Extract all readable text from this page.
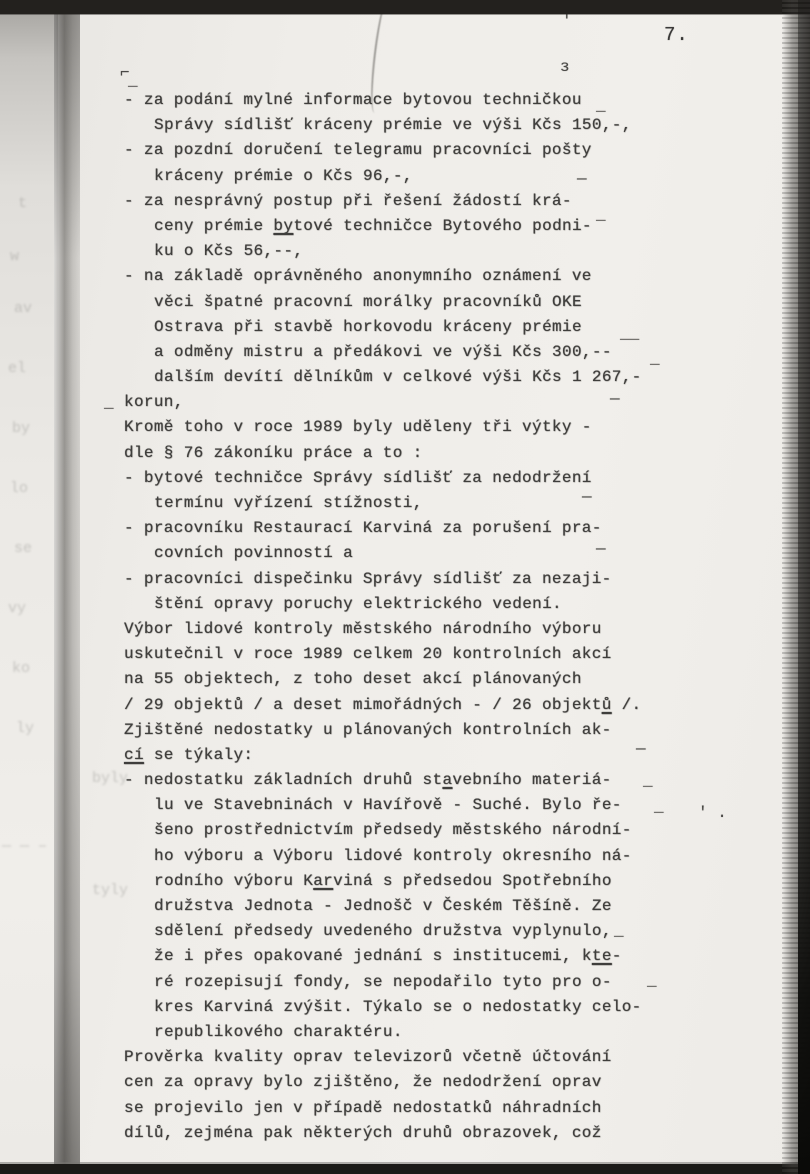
7.
- za podání mylné informace bytovou techničkou
Správy sídlišť kráceny prémie ve výši Kčs 150,-,
- za pozdní doručení telegramu pracovníci pošty
kráceny prémie o Kčs 96,-,
- za nesprávný postup při řešení žádostí krá-
ceny prémie bytové techničce Bytového podni-
ku o Kčs 56,--,
- na základě oprávněného anonymního oznámení ve
věci špatné pracovní morálky pracovníků OKE
Ostrava při stavbě horkovodu kráceny prémie
a odměny mistru a předákovi ve výši Kčs 300,--
dalším devítí dělníkům v celkové výši Kčs 1 267,-
korun,
Kromě toho v roce 1989 byly uděleny tři výtky -
dle § 76 zákoníku práce a to :
- bytové techničce Správy sídlišť za nedodržení
termínu vyřízení stížnosti,
- pracovníku Restaurací Karviná za porušení pra-
covních povinností a
- pracovníci dispečinku Správy sídlišť za nezaji-
štění opravy poruchy elektrického vedení.
Výbor lidové kontroly městského národního výboru
uskutečnil v roce 1989 celkem 20 kontrolních akcí
na 55 objektech, z toho deset akcí plánovaných
/ 29 objektů / a deset mimořádných - / 26 objektů /.
Zjištěné nedostatky u plánovaných kontrolních ak-
cí se týkaly:
- nedostatku základních druhů stavebního materiá-
lu ve Stavebninách v Havířově - Suché. Bylo ře-
šeno prostřednictvím předsedy městského národní-
ho výboru a Výboru lidové kontroly okresního ná-
rodního výboru Karviná s předsedou Spotřebního
družstva Jednota - Jednošč v Českém Těšíně. Ze
sdělení předsedy uvedeného družstva vyplynulo,
že i přes opakované jednání s institucemi, kte-
ré rozepisují fondy, se nepodařilo tyto pro o-
kres Karviná zvýšit. Týkalo se o nedostatky celo-
republikového charaktéru.
Prověrka kvality oprav televizorů včetně účtování
cen za opravy bylo zjištěno, že nedodržení oprav
se projevilo jen v případě nedostatků náhradních
dílů, zejména pak některých druhů obrazovek, což
⌐
_
ɜ
_
—
_
__
_
_	—
—
—
—
_
_ ' .
_
_
t
w
av
el
by
lo
se
vy
ko
ly
— — –
byly
tyly
